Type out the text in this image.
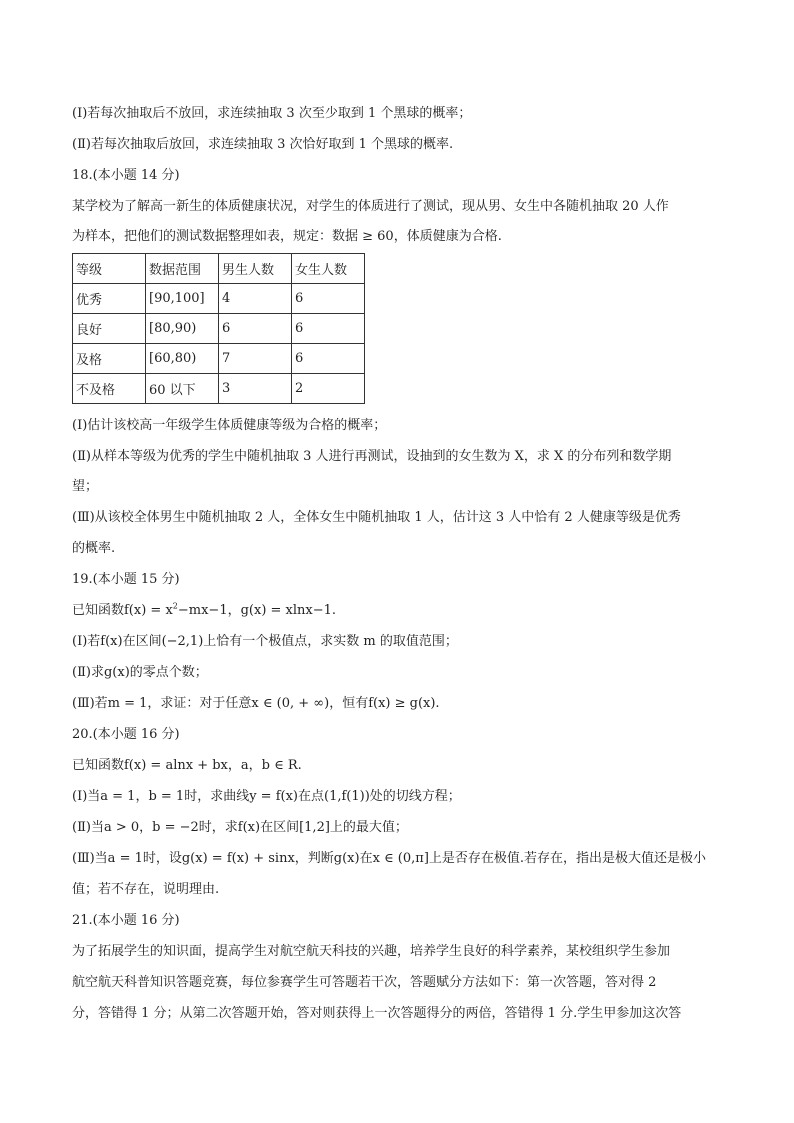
(Ⅰ)若每次抽取后不放回，求连续抽取 3 次至少取到 1 个黑球的概率；
(Ⅱ)若每次抽取后放回，求连续抽取 3 次恰好取到 1 个黑球的概率.
18.(本小题 14 分)
某学校为了解高一新生的体质健康状况，对学生的体质进行了测试，现从男、女生中各随机抽取 20 人作
为样本，把他们的测试数据整理如表，规定：数据 ≥ 60，体质健康为合格.
等级	数据范围	男生人数	女生人数
优秀	[90,100]	4	6
良好	[80,90)	6	6
及格	[60,80)	7	6
不及格	60 以下	3	2
(Ⅰ)估计该校高一年级学生体质健康等级为合格的概率；
(Ⅱ)从样本等级为优秀的学生中随机抽取 3 人进行再测试，设抽到的女生数为 X，求 X 的分布列和数学期
望；
(Ⅲ)从该校全体男生中随机抽取 2 人，全体女生中随机抽取 1 人，估计这 3 人中恰有 2 人健康等级是优秀
的概率.
19.(本小题 15 分)
已知函数$f(x) = x^2-mx-1$，g(x) = xlnx−1.
(Ⅰ)若f(x)在区间(−2,1)上恰有一个极值点，求实数 m 的取值范围；
(Ⅱ)求g(x)的零点个数；
(Ⅲ)若m = 1，求证：对于任意x ∈ (0, + ∞)，恒有f(x) ≥ g(x).
20.(本小题 16 分)
已知函数f(x) = alnx + bx，a，b ∈ R.
(Ⅰ)当a = 1，b = 1时，求曲线y = f(x)在点(1,f(1))处的切线方程；
(Ⅱ)当a > 0，b = −2时，求f(x)在区间[1,2]上的最大值；
(Ⅲ)当a = 1时，设g(x) = f(x) + sinx，判断g(x)在x ∈ (0,π]上是否存在极值.若存在，指出是极大值还是极小
值；若不存在，说明理由.
21.(本小题 16 分)
为了拓展学生的知识面，提高学生对航空航天科技的兴趣，培养学生良好的科学素养，某校组织学生参加
航空航天科普知识答题竞赛，每位参赛学生可答题若干次，答题赋分方法如下：第一次答题，答对得 2
分，答错得 1 分；从第二次答题开始，答对则获得上一次答题得分的两倍，答错得 1 分.学生甲参加这次答
